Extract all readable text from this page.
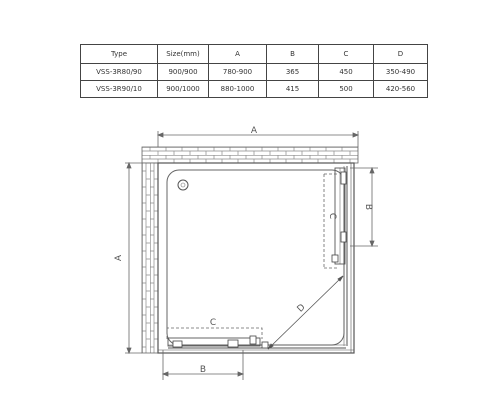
Type	Size(mm)	A	B	C	D
VSS-3R80/90	900/900	780-900	365	450	350-490
VSS-3R90/10	900/1000	880-1000	415	500	420-560
A
A
C
B
C
B
D
